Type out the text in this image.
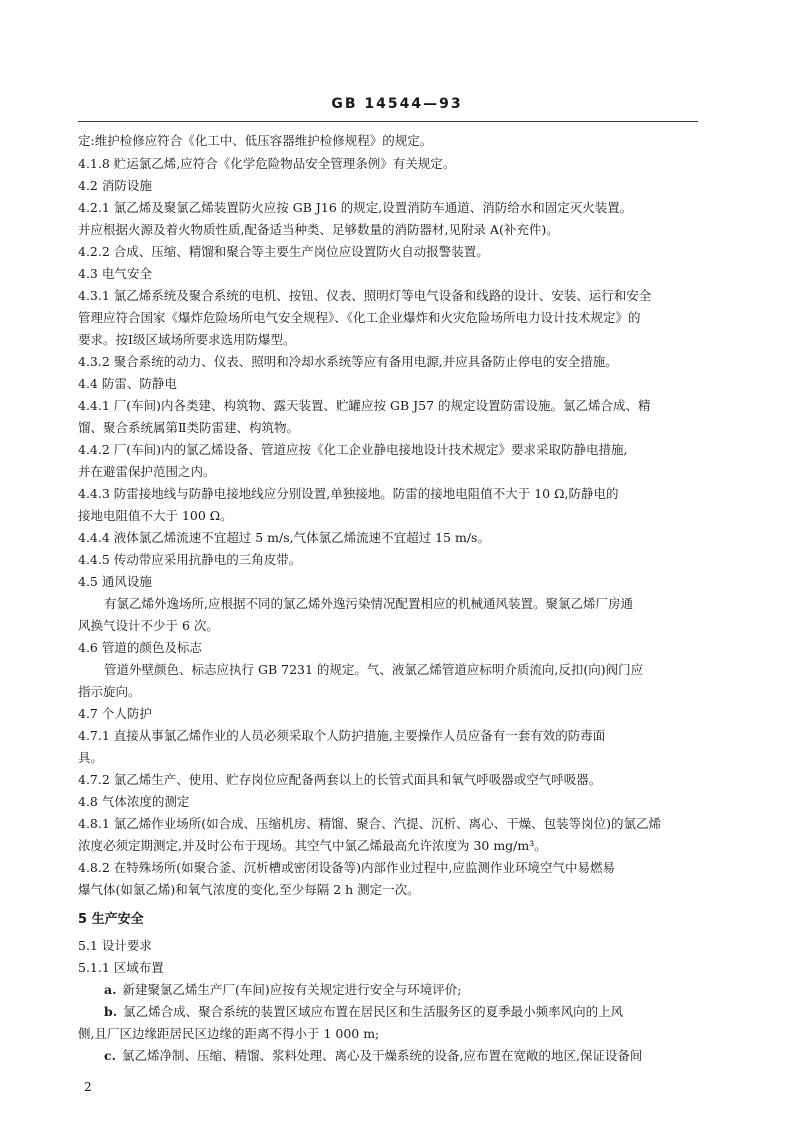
GB 14544—93
定:维护检修应符合《化工中、低压容器维护检修规程》的规定。
4.1.8 贮运氯乙烯,应符合《化学危险物品安全管理条例》有关规定。
4.2 消防设施
4.2.1 氯乙烯及聚氯乙烯装置防火应按 GB J16 的规定,设置消防车通道、消防给水和固定灭火装置。
并应根据火源及着火物质性质,配备适当种类、足够数量的消防器材,见附录 A(补充件)。
4.2.2 合成、压缩、精馏和聚合等主要生产岗位应设置防火自动报警装置。
4.3 电气安全
4.3.1 氯乙烯系统及聚合系统的电机、按钮、仪表、照明灯等电气设备和线路的设计、安装、运行和安全
管理应符合国家《爆炸危险场所电气安全规程》、《化工企业爆炸和火灾危险场所电力设计技术规定》的
要求。按Ⅰ级区域场所要求选用防爆型。
4.3.2 聚合系统的动力、仪表、照明和冷却水系统等应有备用电源,并应具备防止停电的安全措施。
4.4 防雷、防静电
4.4.1 厂(车间)内各类建、构筑物、露天装置、贮罐应按 GB J57 的规定设置防雷设施。氯乙烯合成、精
馏、聚合系统属第Ⅱ类防雷建、构筑物。
4.4.2 厂(车间)内的氯乙烯设备、管道应按《化工企业静电接地设计技术规定》要求采取防静电措施,
并在避雷保护范围之内。
4.4.3 防雷接地线与防静电接地线应分别设置,单独接地。防雷的接地电阻值不大于 10 Ω,防静电的
接地电阻值不大于 100 Ω。
4.4.4 液体氯乙烯流速不宜超过 5 m/s,气体氯乙烯流速不宜超过 15 m/s。
4.4.5 传动带应采用抗静电的三角皮带。
4.5 通风设施
有氯乙烯外逸场所,应根据不同的氯乙烯外逸污染情况配置相应的机械通风装置。聚氯乙烯厂房通
风换气设计不少于 6 次。
4.6 管道的颜色及标志
管道外壁颜色、标志应执行 GB 7231 的规定。气、液氯乙烯管道应标明介质流向,反扣(向)阀门应
指示旋向。
4.7 个人防护
4.7.1 直接从事氯乙烯作业的人员必须采取个人防护措施,主要操作人员应备有一套有效的防毒面
具。
4.7.2 氯乙烯生产、使用、贮存岗位应配备两套以上的长管式面具和氧气呼吸器或空气呼吸器。
4.8 气体浓度的测定
4.8.1 氯乙烯作业场所(如合成、压缩机房、精馏、聚合、汽提、沉析、离心、干燥、包装等岗位)的氯乙烯
浓度必须定期测定,并及时公布于现场。其空气中氯乙烯最高允许浓度为 30 mg/m³。
4.8.2 在特殊场所(如聚合釜、沉析槽或密闭设备等)内部作业过程中,应监测作业环境空气中易燃易
爆气体(如氯乙烯)和氧气浓度的变化,至少每隔 2 h 测定一次。
5 生产安全
5.1 设计要求
5.1.1 区域布置
a. 新建聚氯乙烯生产厂(车间)应按有关规定进行安全与环境评价;
b. 氯乙烯合成、聚合系统的装置区域应布置在居民区和生活服务区的夏季最小频率风向的上风
侧,且厂区边缘距居民区边缘的距离不得小于 1 000 m;
c. 氯乙烯净制、压缩、精馏、浆料处理、离心及干燥系统的设备,应布置在宽敞的地区,保证设备间
2
